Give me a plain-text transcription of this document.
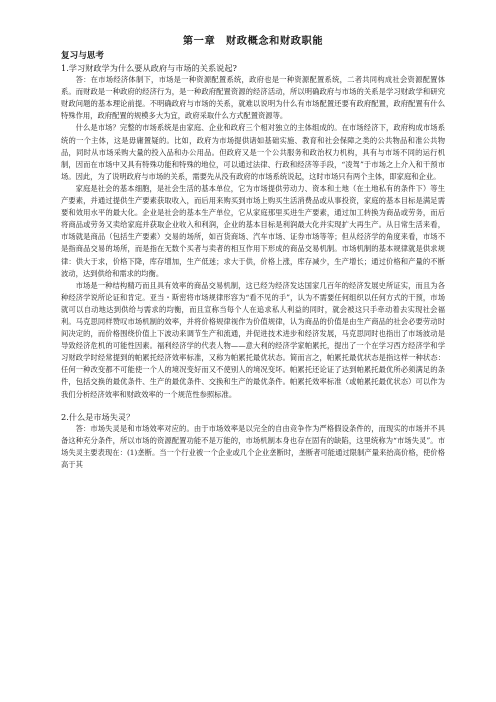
第一章　财政概念和财政职能
复习与思考
1.学习财政学为什么要从政府与市场的关系说起?

答：在市场经济体制下，市场是一种资源配置系统，政府也是一种资源配置系统，二者共同构成社会资源配置体系。而财政是一种政府的经济行为，是一种政府配置资源的经济活动，所以明确政府与市场的关系是学习财政学和研究财政问题的基本理论前提。不明确政府与市场的关系，就难以说明为什么有市场配置还要有政府配置，政府配置有什么特殊作用，政府配置的规模多大为宜，政府采取什么方式配置资源等。

什么是市场？完整的市场系统是由家庭、企业和政府三个相对独立的主体组成的。在市场经济下，政府构成市场系统的一个主体，这是毋庸置疑的。比如，政府为市场提供诸如基础实施、教育和社会保障之类的公共物品和准公共物品，同时从市场采购大量的投入品和办公用品。但政府又是一个公共服务和政治权力机构，具有与市场不同的运行机制，因而在市场中又具有特殊功能和特殊的地位，可以通过法律、行政和经济等手段，“凌驾”于市场之上介入和干预市场。因此，为了说明政府与市场的关系，需要先从没有政府的市场系统说起，这时市场只有两个主体，即家庭和企业。

家庭是社会的基本细胞，是社会生活的基本单位，它为市场提供劳动力、资本和土地（在土地私有的条件下）等生产要素，并通过提供生产要素获取收入，而后用来购买到市场上购买生活消费品或从事投资，家庭的基本目标是满足需要和效用水平的最大化。企业是社会的基本生产单位，它从家庭那里买进生产要素，通过加工转换为商品或劳务，而后将商品或劳务又卖给家庭并获取企业收入和利润，企业的基本目标是利润最大化并实现扩大再生产。从日常生活来看，市场就是商品（包括生产要素）交易的场所，如百货商场、汽车市场、证券市场等等；但从经济学的角度来看，市场不是指商品交易的场所，而是指在无数个买者与卖者的相互作用下形成的商品交易机制。市场机制的基本规律就是供求规律：供大于求，价格下降，库存增加，生产低迷；求大于供，价格上涨，库存减少，生产增长；通过价格和产量的不断波动，达到供给和需求的均衡。

市场是一种结构精巧而且具有效率的商品交易机制，这已经为经济发达国家几百年的经济发展史所证实，而且为各种经济学说所论证和肯定。亚当・斯密将市场规律形容为“看不见的手”，认为不需要任何组织以任何方式的干预，市场就可以自动地达到供给与需求的均衡，而且宣称当每个人在追求私人利益的同时，就会被这只手牵动着去实现社会福利。马克思同样赞叹市场机制的效率，并将价格规律视作为价值规律，认为商品的价值是由生产商品的社会必要劳动时间决定的，而价格围绕价值上下波动来调节生产和流通，并促进技术进步和经济发展，马克思同时也指出了市场波动是导致经济危机的可能性因素。福利经济学的代表人物——意大利的经济学家帕累托，提出了一个在学习西方经济学和学习财政学时经常提到的帕累托经济效率标准，又称为帕累托最优状态。简而言之，帕累托最优状态是指这样一种状态：任何一种改变都不可能使一个人的境况变好而又不使别人的境况变坏。帕累托还论证了达到帕累托最优所必须满足的条件，包括交换的最优条件、生产的最优条件、交换和生产的最优条件。帕累托效率标准（或帕累托最优状态）可以作为我们分析经济效率和财政效率的一个规范性参照标准。

2.什么是市场失灵？

答：市场失灵是和市场效率对应的。由于市场效率是以完全的自由竞争作为严格假设条件的，而现实的市场并不具备这种充分条件，所以市场的资源配置功能不是万能的，市场机制本身也存在固有的缺陷，这里统称为“市场失灵”。市场失灵主要表现在：(1)垄断。当一个行业被一个企业或几个企业垄断时，垄断者可能通过限制产量来抬高价格，使价格高于其
